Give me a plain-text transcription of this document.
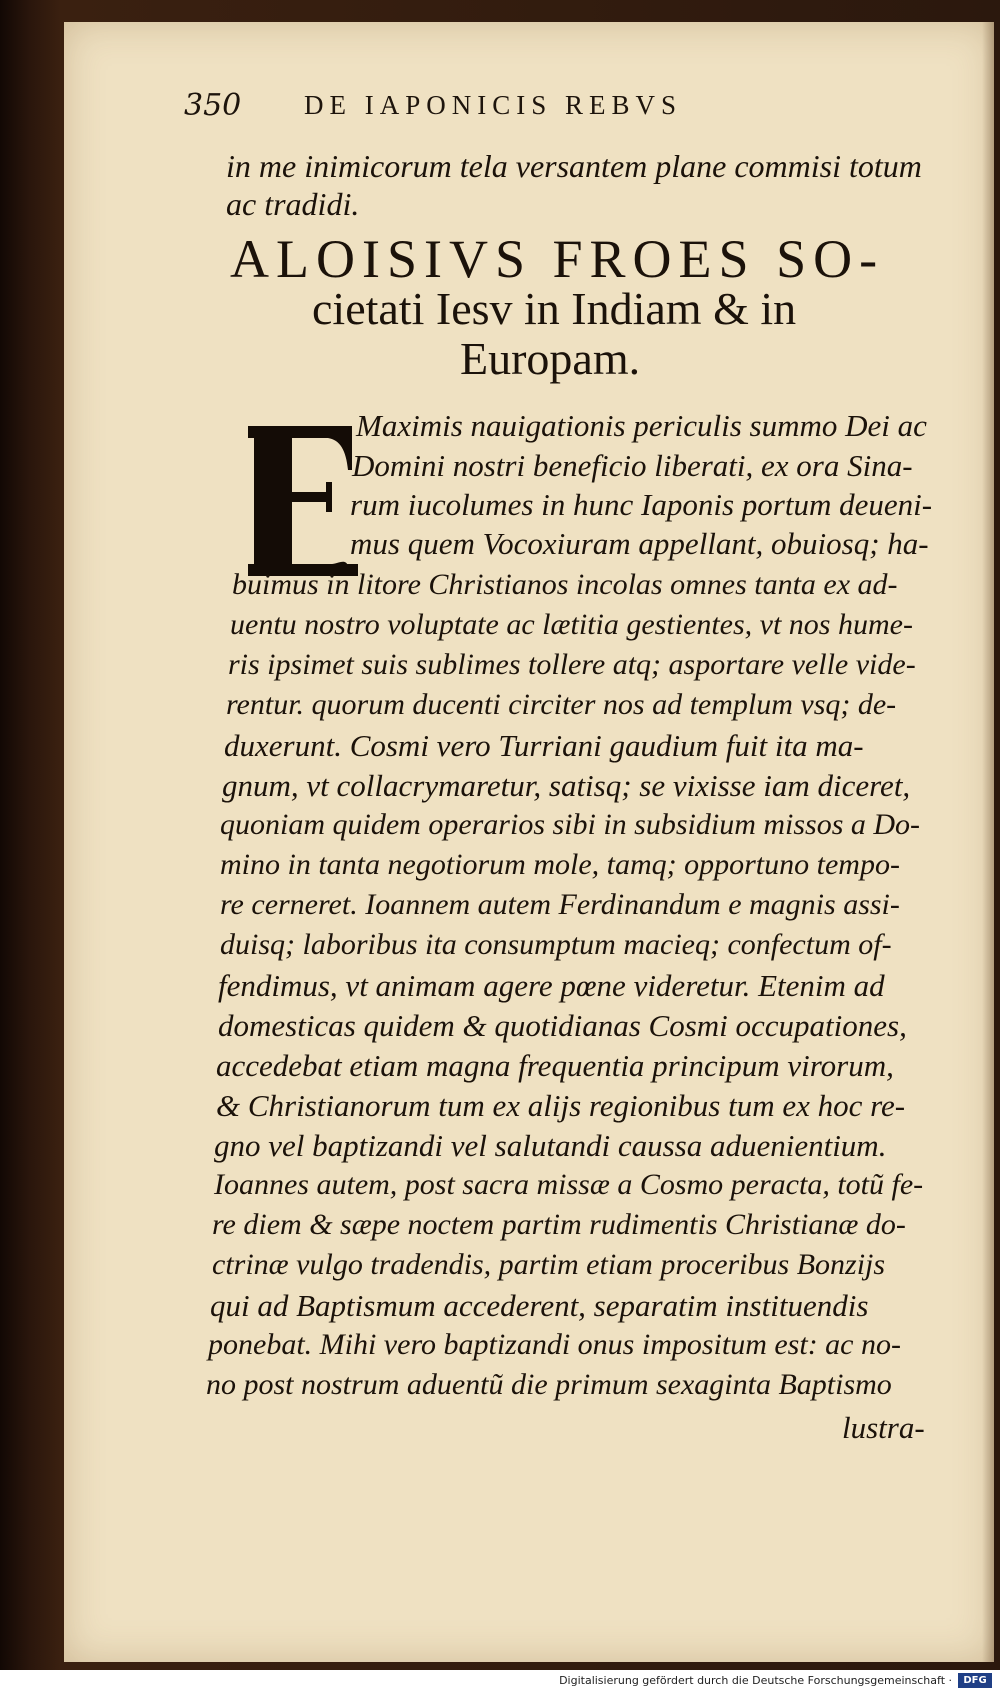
350 DE IAPONICIS REBVS
in me inimicorum tela versantem plane commisi totum
ac tradidi.
ALOISIVS FROES SO-
cietati Iesv in Indiam & in
Europam.
Maximis nauigationis periculis summo Dei ac
Domini nostri beneficio liberati, ex ora Sina-
rum iucolumes in hunc Iaponis portum deueni-
mus quem Vocoxiuram appellant, obuiosq; ha-
buimus in litore Christianos incolas omnes tanta ex ad-
uentu nostro voluptate ac lætitia gestientes, vt nos hume-
ris ipsimet suis sublimes tollere atq; asportare velle vide-
rentur. quorum ducenti circiter nos ad templum vsq; de-
duxerunt. Cosmi vero Turriani gaudium fuit ita ma-
gnum, vt collacrymaretur, satisq; se vixisse iam diceret,
quoniam quidem operarios sibi in subsidium missos a Do-
mino in tanta negotiorum mole, tamq; opportuno tempo-
re cerneret. Ioannem autem Ferdinandum e magnis assi-
duisq; laboribus ita consumptum macieq; confectum of-
fendimus, vt animam agere pœne videretur. Etenim ad
domesticas quidem & quotidianas Cosmi occupationes,
accedebat etiam magna frequentia principum virorum,
& Christianorum tum ex alijs regionibus tum ex hoc re-
gno vel baptizandi vel salutandi caussa aduenientium.
Ioannes autem, post sacra missæ a Cosmo peracta, totũ fe-
re diem & sæpe noctem partim rudimentis Christianæ do-
ctrinæ vulgo tradendis, partim etiam proceribus Bonzijs
qui ad Baptismum accederent, separatim instituendis
ponebat. Mihi vero baptizandi onus impositum est: ac no-
no post nostrum aduentũ die primum sexaginta Baptismo
lustra-
Digitalisierung gefördert durch die Deutsche Forschungsgemeinschaft ·	DFG
